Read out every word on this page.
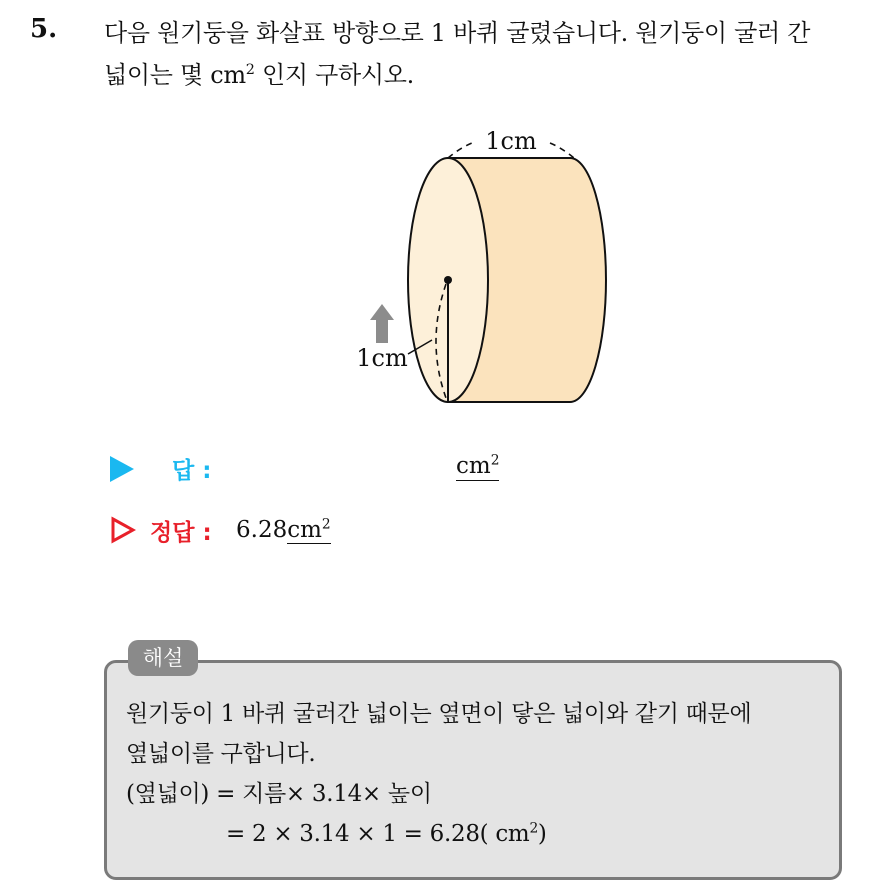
5. 다음 원기둥을 화살표 방향으로 1 바퀴 굴렸습니다. 원기둥이 굴러 간
넓이는 몇 $cm^2$ 인지 구하시오.
1cm
1cm
답 :	$cm^2$
정답 : $6.28cm^2$
해설
원기둥이 1 바퀴 굴러간 넓이는 옆면이 닿은 넓이와 같기 때문에
옆넓이를 구합니다.
(옆넓이) = 지름× 3.14× 높이
= 2 × 3.14 × 1 = 6.28( $cm^2$)
